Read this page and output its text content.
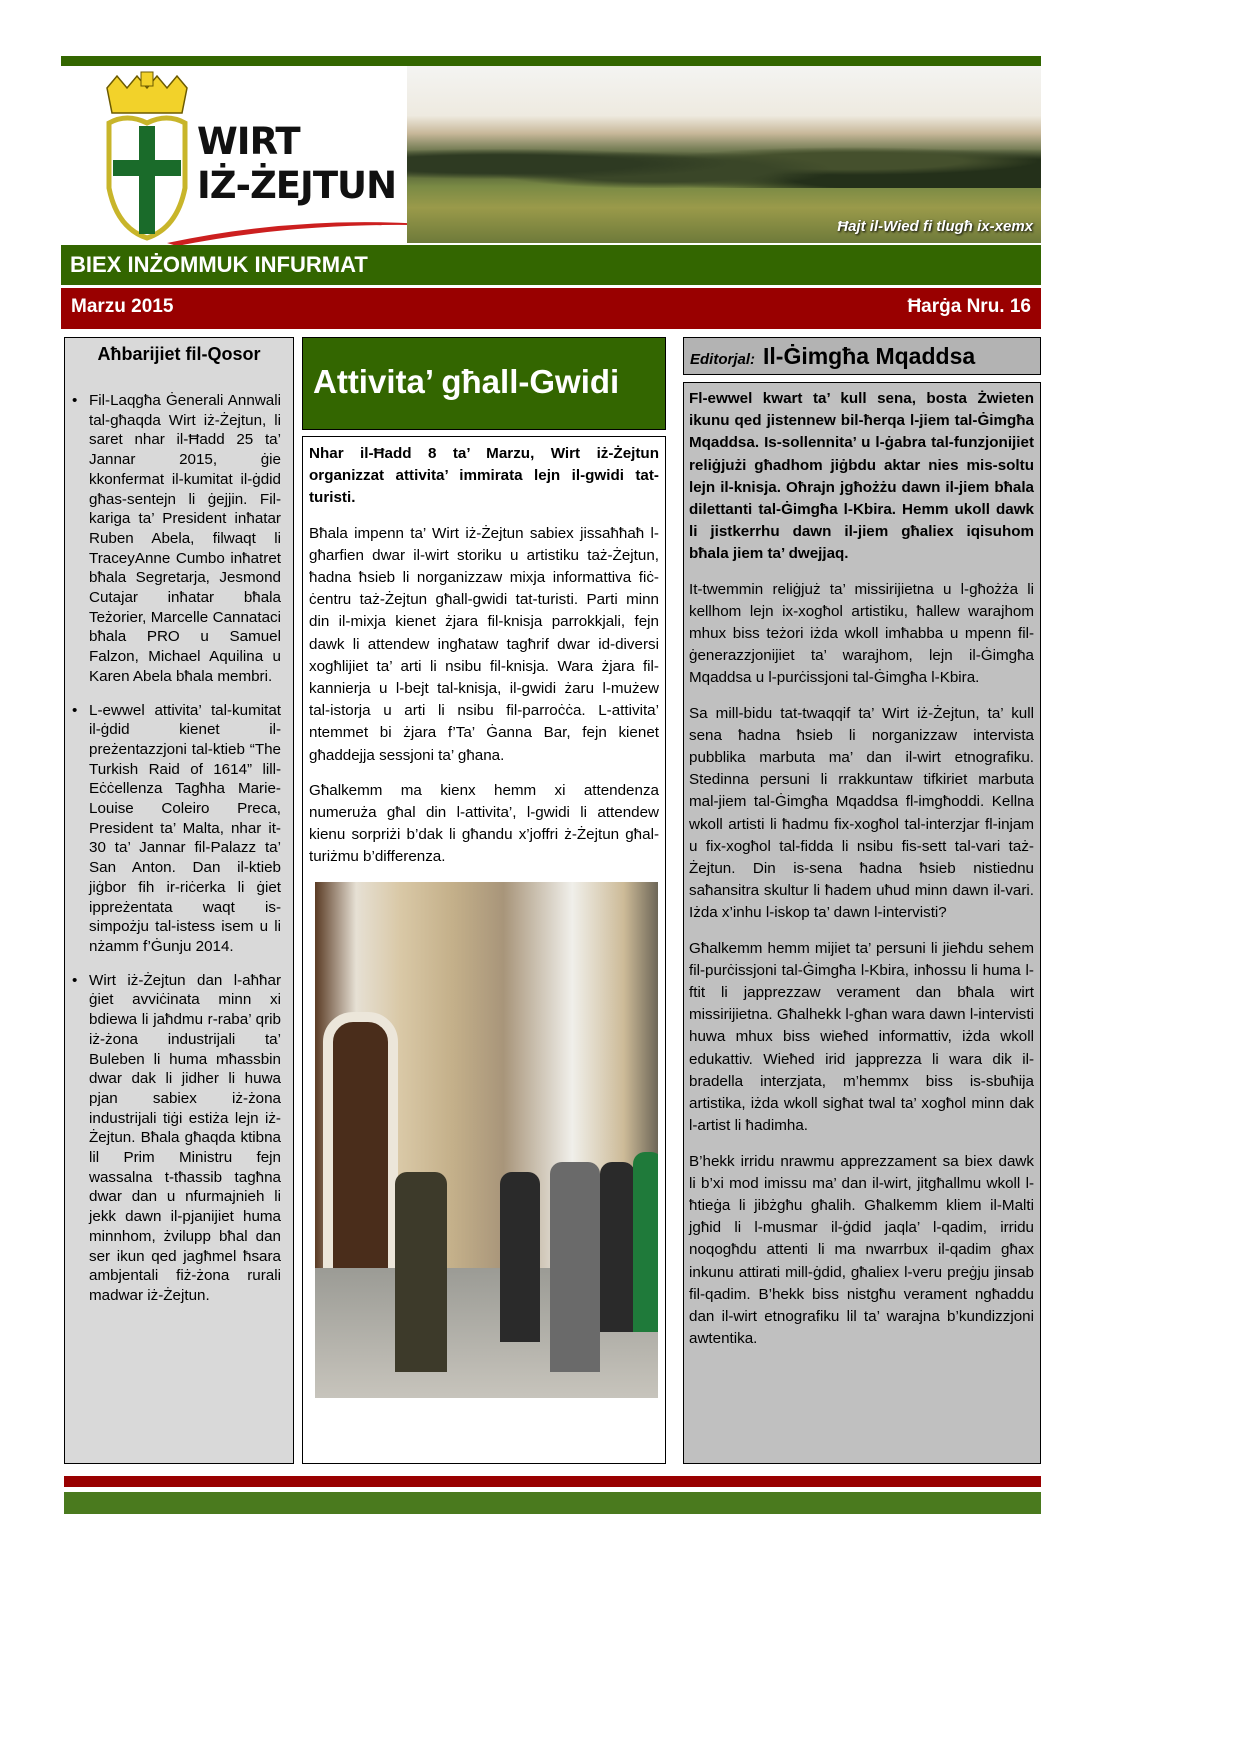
WIRT
IŻ-ŻEJTUN
Ħajt il-Wied fi tlugħ ix-xemx
BIEX INŻOMMUK INFURMAT
Marzu 2015	Ħarġa Nru. 16
Aħbarijiet fil-Qosor
• Fil-Laqgħa Ġenerali Annwali tal-għaqda Wirt iż-Żejtun, li saret nhar il-Ħadd 25 ta’ Jannar 2015, ġie kkonfermat il-kumitat il-ġdid għas-sentejn li ġejjin. Fil-kariga ta’ President inħatar Ruben Abela, filwaqt li TraceyAnne Cumbo inħatret bħala Segretarja, Jesmond Cutajar inħatar bħala Teżorier, Marcelle Cannataci bħala PRO u Samuel Falzon, Michael Aquilina u Karen Abela bħala membri.
• L-ewwel attivita’ tal-kumitat il-ġdid kienet il-preżentazzjoni tal-ktieb “The Turkish Raid of 1614” lill-Eċċellenza Tagħha Marie-Louise Coleiro Preca, President ta’ Malta, nhar it-30 ta’ Jannar fil-Palazz ta’ San Anton. Dan il-ktieb jiġbor fih ir-riċerka li ġiet ippreżentata waqt is-simpożju tal-istess isem u li nżamm f’Ġunju 2014.
• Wirt iż-Żejtun dan l-aħħar ġiet avviċinata minn xi bdiewa li jaħdmu r-raba’ qrib iż-żona industrijali ta’ Buleben li huma mħassbin dwar dak li jidher li huwa pjan sabiex iż-żona industrijali tiġi estiża lejn iż-Żejtun. Bħala għaqda ktibna lil Prim Ministru fejn wassalna t-tħassib tagħna dwar dan u nfurmajnieh li jekk dawn il-pjanijiet huma minnhom, żvilupp bħal dan ser ikun qed jagħmel ħsara ambjentali fiż-żona rurali madwar iż-Żejtun.
Attivita’ għall-Gwidi

Nhar il-Ħadd 8 ta’ Marzu, Wirt iż-Żejtun organizzat attivita’ immirata lejn il-gwidi tat-turisti.

Bħala impenn ta’ Wirt iż-Żejtun sabiex jissaħħaħ l-għarfien dwar il-wirt storiku u artistiku taż-Żejtun, ħadna ħsieb li norganizzaw mixja informattiva fiċ-ċentru taż-Żejtun għall-gwidi tat-turisti. Parti minn din il-mixja kienet żjara fil-knisja parrokkjali, fejn dawk li attendew ingħataw tagħrif dwar id-diversi xogħlijiet ta’ arti li nsibu fil-knisja. Wara żjara fil-kannierja u l-bejt tal-knisja, il-gwidi żaru l-mużew tal-istorja u arti li nsibu fil-parroċċa. L-attivita’ ntemmet bi żjara f’Ta’ Ġanna Bar, fejn kienet għaddejja sessjoni ta’ għana.

Għalkemm ma kienx hemm xi attendenza numeruża għal din l-attivita’, l-gwidi li attendew kienu sorpriżi b’dak li għandu x’joffri ż-Żejtun għal-turiżmu b’differenza.

Editorjal: Il-Ġimgħa Mqaddsa

Fl-ewwel kwart ta’ kull sena, bosta Żwieten ikunu qed jistennew bil-ħerqa l-jiem tal-Ġimgħa Mqaddsa. Is-sollennita’ u l-ġabra tal-funzjonijiet reliġjużi għadhom jiġbdu aktar nies mis-soltu lejn il-knisja. Oħrajn jgħożżu dawn il-jiem bħala dilettanti tal-Ġimgħa l-Kbira. Hemm ukoll dawk li jistkerrhu dawn il-jiem għaliex iqisuhom bħala jiem ta’ dwejjaq.

It-twemmin reliġjuż ta’ missirijietna u l-għożża li kellhom lejn ix-xogħol artistiku, ħallew warajhom mhux biss teżori iżda wkoll imħabba u mpenn fil-ġenerazzjonijiet ta’ warajhom, lejn il-Ġimgħa Mqaddsa u l-purċissjoni tal-Ġimgħa l-Kbira.

Sa mill-bidu tat-twaqqif ta’ Wirt iż-Żejtun, ta’ kull sena ħadna ħsieb li norganizzaw intervista pubblika marbuta ma’ dan il-wirt etnografiku. Stedinna persuni li rrakkuntaw tifkiriet marbuta mal-jiem tal-Ġimgħa Mqaddsa fl-imgħoddi. Kellna wkoll artisti li ħadmu fix-xogħol tal-interzjar fl-injam u fix-xogħol tal-fidda li nsibu fis-sett tal-vari taż-Żejtun. Din is-sena ħadna ħsieb nistiednu saħansitra skultur li ħadem uħud minn dawn il-vari. Iżda x’inhu l-iskop ta’ dawn l-intervisti?

Għalkemm hemm mijiet ta’ persuni li jieħdu sehem fil-purċissjoni tal-Ġimgħa l-Kbira, inħossu li huma l-ftit li japprezzaw verament dan bħala wirt missirijietna. Għalhekk l-għan wara dawn l-intervisti huwa mhux biss wieħed informattiv, iżda wkoll edukattiv. Wieħed irid japprezza li wara dik il-bradella interzjata, m’hemmx biss is-sbuħija artistika, iżda wkoll sigħat twal ta’ xogħol minn dak l-artist li ħadimha.

B’hekk irridu nrawmu apprezzament sa biex dawk li b’xi mod imissu ma’ dan il-wirt, jitgħallmu wkoll l-ħtieġa li jibżgħu għalih. Għalkemm kliem il-Malti jgħid li l-musmar il-ġdid jaqla’ l-qadim, irridu noqogħdu attenti li ma nwarrbux il-qadim għax inkunu attirati mill-ġdid, għaliex l-veru preġju jinsab fil-qadim. B’hekk biss nistgħu verament ngħaddu dan il-wirt etnografiku lil ta’ warajna b’kundizzjoni awtentika.
